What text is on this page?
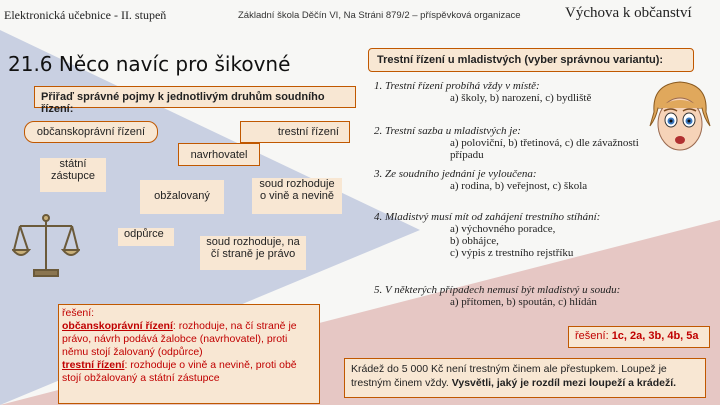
Elektronická učebnice - II. stupeň	Základní škola Děčín VI, Na Stráni 879/2 – příspěvková organizace	Výchova k občanství
21.6 Něco navíc pro šikovné
Přiřaď správné pojmy k jednotlivým druhům soudního řízení:
občanskoprávní řízení	trestní řízení
navrhovatel
státní
zástupce
obžalovaný
soud rozhoduje
o vině a nevině
odpůrce
soud rozhoduje, na
čí straně je právo
řešení:
občanskoprávní řízení: rozhoduje, na čí straně je
právo, návrh podává žalobce (navrhovatel), proti
němu stojí žalovaný (odpůrce)
trestní řízení: rozhoduje o vině a nevině, proti obě
stojí obžalovaný a státní zástupce
Trestní řízení u mladistvých (vyber správnou variantu):
1. Trestní řízení probíhá vždy v místě:
a) školy, b) narození, c) bydliště
2. Trestní sazba u mladistvých je:
a) poloviční, b) třetinová, c) dle závažnosti případu
3. Ze soudního jednání je vyloučena:
a) rodina, b) veřejnost, c) škola
4. Mladistvý musí mít od zahájení trestního stíhání:
a) výchovného poradce,
b) obhájce,
c) výpis z trestního rejstříku
5. V některých případech nemusí být mladistvý u soudu:
a) přítomen, b) spoután, c) hlídán
řešení: 1c, 2a, 3b, 4b, 5a
Krádež do 5 000 Kč není trestným činem ale přestupkem. Loupež je
trestným činem vždy. Vysvětli, jaký je rozdíl mezi loupeží a krádeží.
